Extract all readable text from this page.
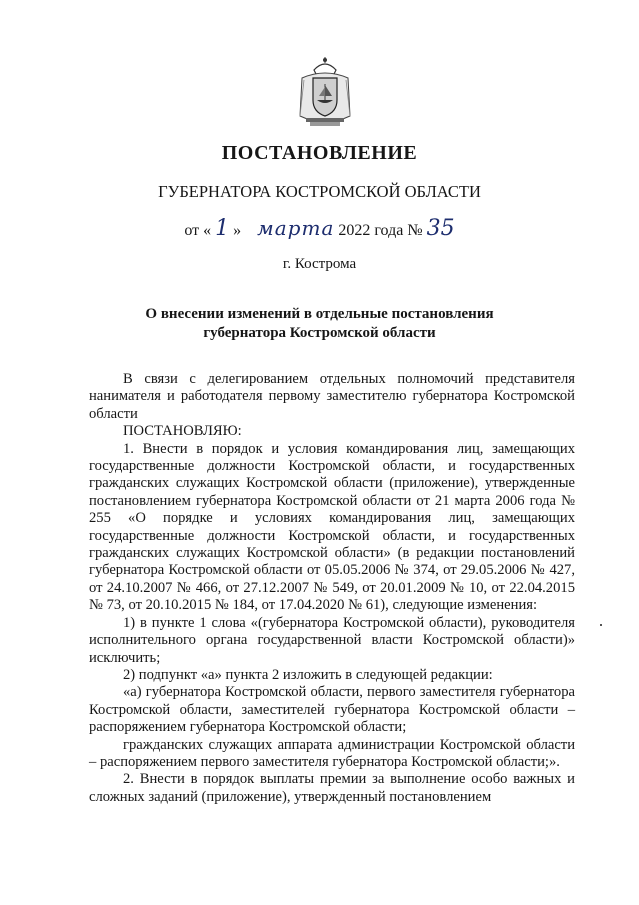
ПОСТАНОВЛЕНИЕ
ГУБЕРНАТОРА КОСТРОМСКОЙ ОБЛАСТИ
от « 1 » марта 2022 года № 35
г. Кострома
О внесении изменений в отдельные постановления
губернатора Костромской области

В связи с делегированием отдельных полномочий представителя нанимателя и работодателя первому заместителю губернатора Костромской области

ПОСТАНОВЛЯЮ:

1. Внести в порядок и условия командирования лиц, замещающих государственные должности Костромской области, и государственных гражданских служащих Костромской области (приложение), утвержденные постановлением губернатора Костромской области от 21 марта 2006 года № 255 «О порядке и условиях командирования лиц, замещающих государственные должности Костромской области, и государственных гражданских служащих Костромской области» (в редакции постановлений губернатора Костромской области от 05.05.2006 № 374, от 29.05.2006 № 427, от 24.10.2007 № 466, от 27.12.2007 № 549, от 20.01.2009 № 10, от 22.04.2015 № 73, от 20.10.2015 № 184, от 17.04.2020 № 61), следующие изменения:

1) в пункте 1 слова «(губернатора Костромской области), руководителя исполнительного органа государственной власти Костромской области)» исключить;

2) подпункт «а» пункта 2 изложить в следующей редакции:

«а) губернатора Костромской области, первого заместителя губернатора Костромской области, заместителей губернатора Костромской области – распоряжением губернатора Костромской области;

гражданских служащих аппарата администрации Костромской области – распоряжением первого заместителя губернатора Костромской области;».

2. Внести в порядок выплаты премии за выполнение особо важных и сложных заданий (приложение), утвержденный постановлением
